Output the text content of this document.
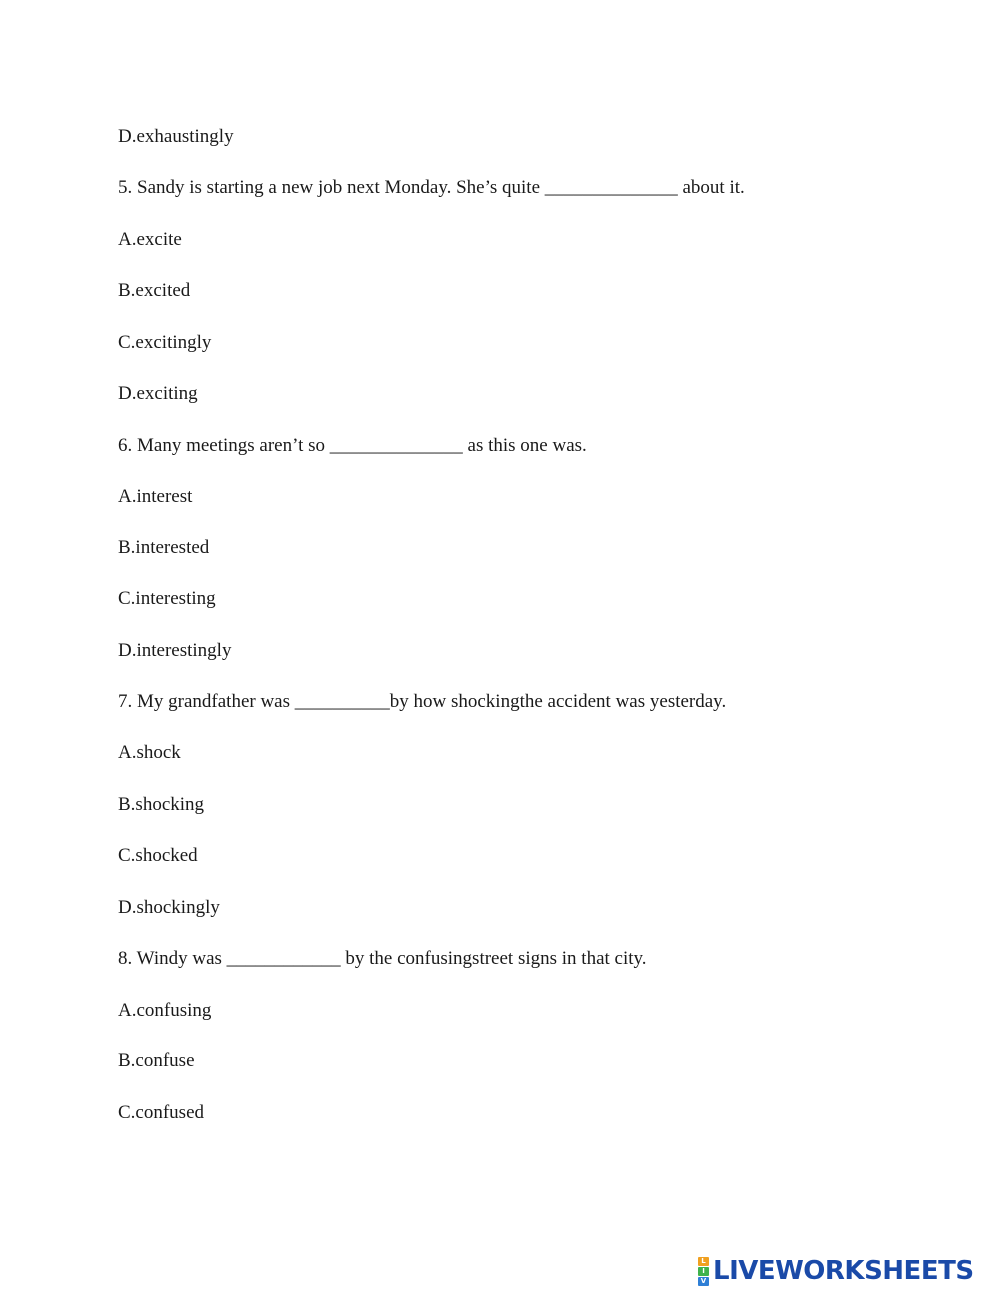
D.exhaustingly
5. Sandy is starting a new job next Monday. She’s quite ______________ about it.
A.excite
B.excited
C.excitingly
D.exciting
6. Many meetings aren’t so ______________ as this one was.
A.interest
B.interested
C.interesting
D.interestingly
7. My grandfather was __________by how shockingthe accident was yesterday.
A.shock
B.shocking
C.shocked
D.shockingly
8. Windy was ____________ by the confusingstreet signs in that city.
A.confusing
B.confuse
C.confused
L
I
V LIVEWORKSHEETS
